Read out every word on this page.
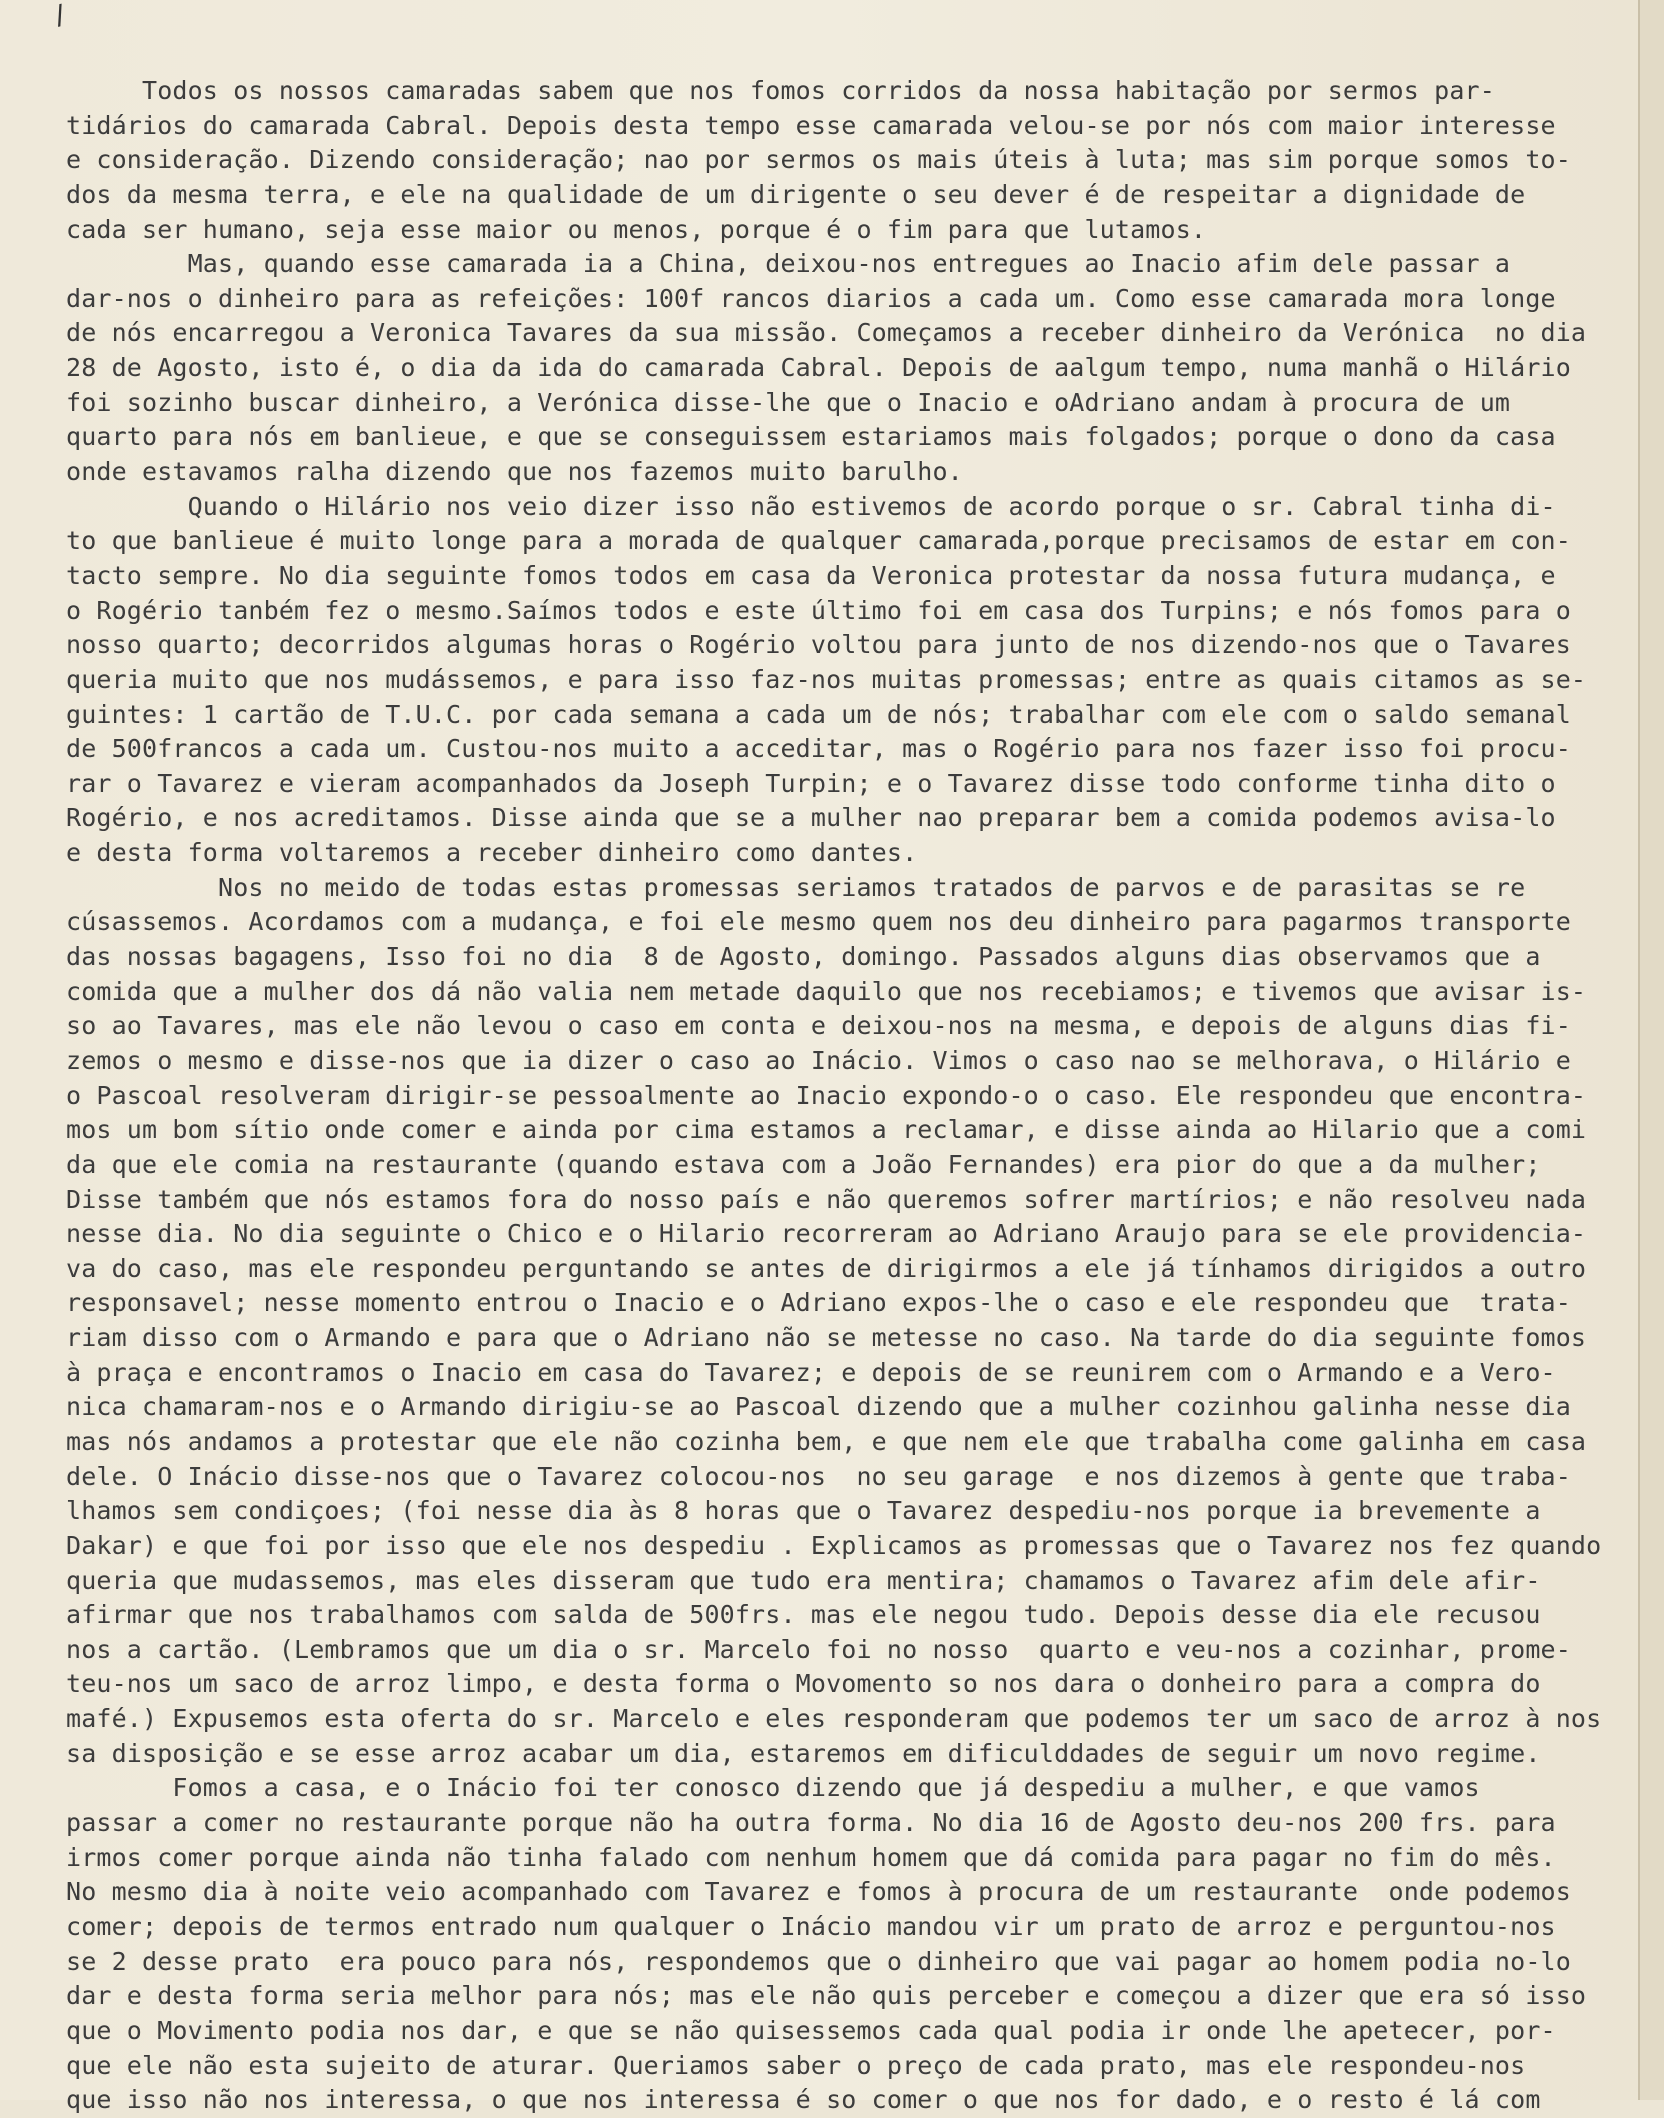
/
Todos os nossos camaradas sabem que nos fomos corridos da nossa habitação por sermos par-
tidários do camarada Cabral. Depois desta tempo esse camarada velou-se por nós com maior interesse
e consideração. Dizendo consideração; nao por sermos os mais úteis à luta; mas sim porque somos to-
dos da mesma terra, e ele na qualidade de um dirigente o seu dever é de respeitar a dignidade de
cada ser humano, seja esse maior ou menos, porque é o fim para que lutamos.
Mas, quando esse camarada ia a China, deixou-nos entregues ao Inacio afim dele passar a
dar-nos o dinheiro para as refeições: 100f rancos diarios a cada um. Como esse camarada mora longe
de nós encarregou a Veronica Tavares da sua missão. Começamos a receber dinheiro da Verónica  no dia
28 de Agosto, isto é, o dia da ida do camarada Cabral. Depois de aalgum tempo, numa manhã o Hilário
foi sozinho buscar dinheiro, a Verónica disse-lhe que o Inacio e oAdriano andam à procura de um
quarto para nós em banlieue, e que se conseguissem estariamos mais folgados; porque o dono da casa
onde estavamos ralha dizendo que nos fazemos muito barulho.
Quando o Hilário nos veio dizer isso não estivemos de acordo porque o sr. Cabral tinha di-
to que banlieue é muito longe para a morada de qualquer camarada,porque precisamos de estar em con-
tacto sempre. No dia seguinte fomos todos em casa da Veronica protestar da nossa futura mudança, e
o Rogério tanbém fez o mesmo.Saímos todos e este último foi em casa dos Turpins; e nós fomos para o
nosso quarto; decorridos algumas horas o Rogério voltou para junto de nos dizendo-nos que o Tavares
queria muito que nos mudássemos, e para isso faz-nos muitas promessas; entre as quais citamos as se-
guintes: 1 cartão de T.U.C. por cada semana a cada um de nós; trabalhar com ele com o saldo semanal
de 500francos a cada um. Custou-nos muito a acceditar, mas o Rogério para nos fazer isso foi procu-
rar o Tavarez e vieram acompanhados da Joseph Turpin; e o Tavarez disse todo conforme tinha dito o
Rogério, e nos acreditamos. Disse ainda que se a mulher nao preparar bem a comida podemos avisa-lo
e desta forma voltaremos a receber dinheiro como dantes.
Nos no meido de todas estas promessas seriamos tratados de parvos e de parasitas se re
cúsassemos. Acordamos com a mudança, e foi ele mesmo quem nos deu dinheiro para pagarmos transporte
das nossas bagagens, Isso foi no dia  8 de Agosto, domingo. Passados alguns dias observamos que a
comida que a mulher dos dá não valia nem metade daquilo que nos recebiamos; e tivemos que avisar is-
so ao Tavares, mas ele não levou o caso em conta e deixou-nos na mesma, e depois de alguns dias fi-
zemos o mesmo e disse-nos que ia dizer o caso ao Inácio. Vimos o caso nao se melhorava, o Hilário e
o Pascoal resolveram dirigir-se pessoalmente ao Inacio expondo-o o caso. Ele respondeu que encontra-
mos um bom sítio onde comer e ainda por cima estamos a reclamar, e disse ainda ao Hilario que a comi
da que ele comia na restaurante (quando estava com a João Fernandes) era pior do que a da mulher;
Disse também que nós estamos fora do nosso país e não queremos sofrer martírios; e não resolveu nada
nesse dia. No dia seguinte o Chico e o Hilario recorreram ao Adriano Araujo para se ele providencia-
va do caso, mas ele respondeu perguntando se antes de dirigirmos a ele já tínhamos dirigidos a outro
responsavel; nesse momento entrou o Inacio e o Adriano expos-lhe o caso e ele respondeu que  trata-
riam disso com o Armando e para que o Adriano não se metesse no caso. Na tarde do dia seguinte fomos
à praça e encontramos o Inacio em casa do Tavarez; e depois de se reunirem com o Armando e a Vero-
nica chamaram-nos e o Armando dirigiu-se ao Pascoal dizendo que a mulher cozinhou galinha nesse dia
mas nós andamos a protestar que ele não cozinha bem, e que nem ele que trabalha come galinha em casa
dele. O Inácio disse-nos que o Tavarez colocou-nos  no seu garage  e nos dizemos à gente que traba-
lhamos sem condiçoes; (foi nesse dia às 8 horas que o Tavarez despediu-nos porque ia brevemente a
Dakar) e que foi por isso que ele nos despediu . Explicamos as promessas que o Tavarez nos fez quando
queria que mudassemos, mas eles disseram que tudo era mentira; chamamos o Tavarez afim dele afir-
afirmar que nos trabalhamos com salda de 500frs. mas ele negou tudo. Depois desse dia ele recusou
nos a cartão. (Lembramos que um dia o sr. Marcelo foi no nosso  quarto e veu-nos a cozinhar, prome-
teu-nos um saco de arroz limpo, e desta forma o Movomento so nos dara o donheiro para a compra do
mafé.) Expusemos esta oferta do sr. Marcelo e eles responderam que podemos ter um saco de arroz à nos
sa disposição e se esse arroz acabar um dia, estaremos em dificulddades de seguir um novo regime.
Fomos a casa, e o Inácio foi ter conosco dizendo que já despediu a mulher, e que vamos
passar a comer no restaurante porque não ha outra forma. No dia 16 de Agosto deu-nos 200 frs. para
irmos comer porque ainda não tinha falado com nenhum homem que dá comida para pagar no fim do mês.
No mesmo dia à noite veio acompanhado com Tavarez e fomos à procura de um restaurante  onde podemos
comer; depois de termos entrado num qualquer o Inácio mandou vir um prato de arroz e perguntou-nos
se 2 desse prato  era pouco para nós, respondemos que o dinheiro que vai pagar ao homem podia no-lo
dar e desta forma seria melhor para nós; mas ele não quis perceber e começou a dizer que era só isso
que o Movimento podia nos dar, e que se não quisessemos cada qual podia ir onde lhe apetecer, por-
que ele não esta sujeito de aturar. Queriamos saber o preço de cada prato, mas ele respondeu-nos
que isso não nos interessa, o que nos interessa é so comer o que nos for dado, e o resto é lá com
